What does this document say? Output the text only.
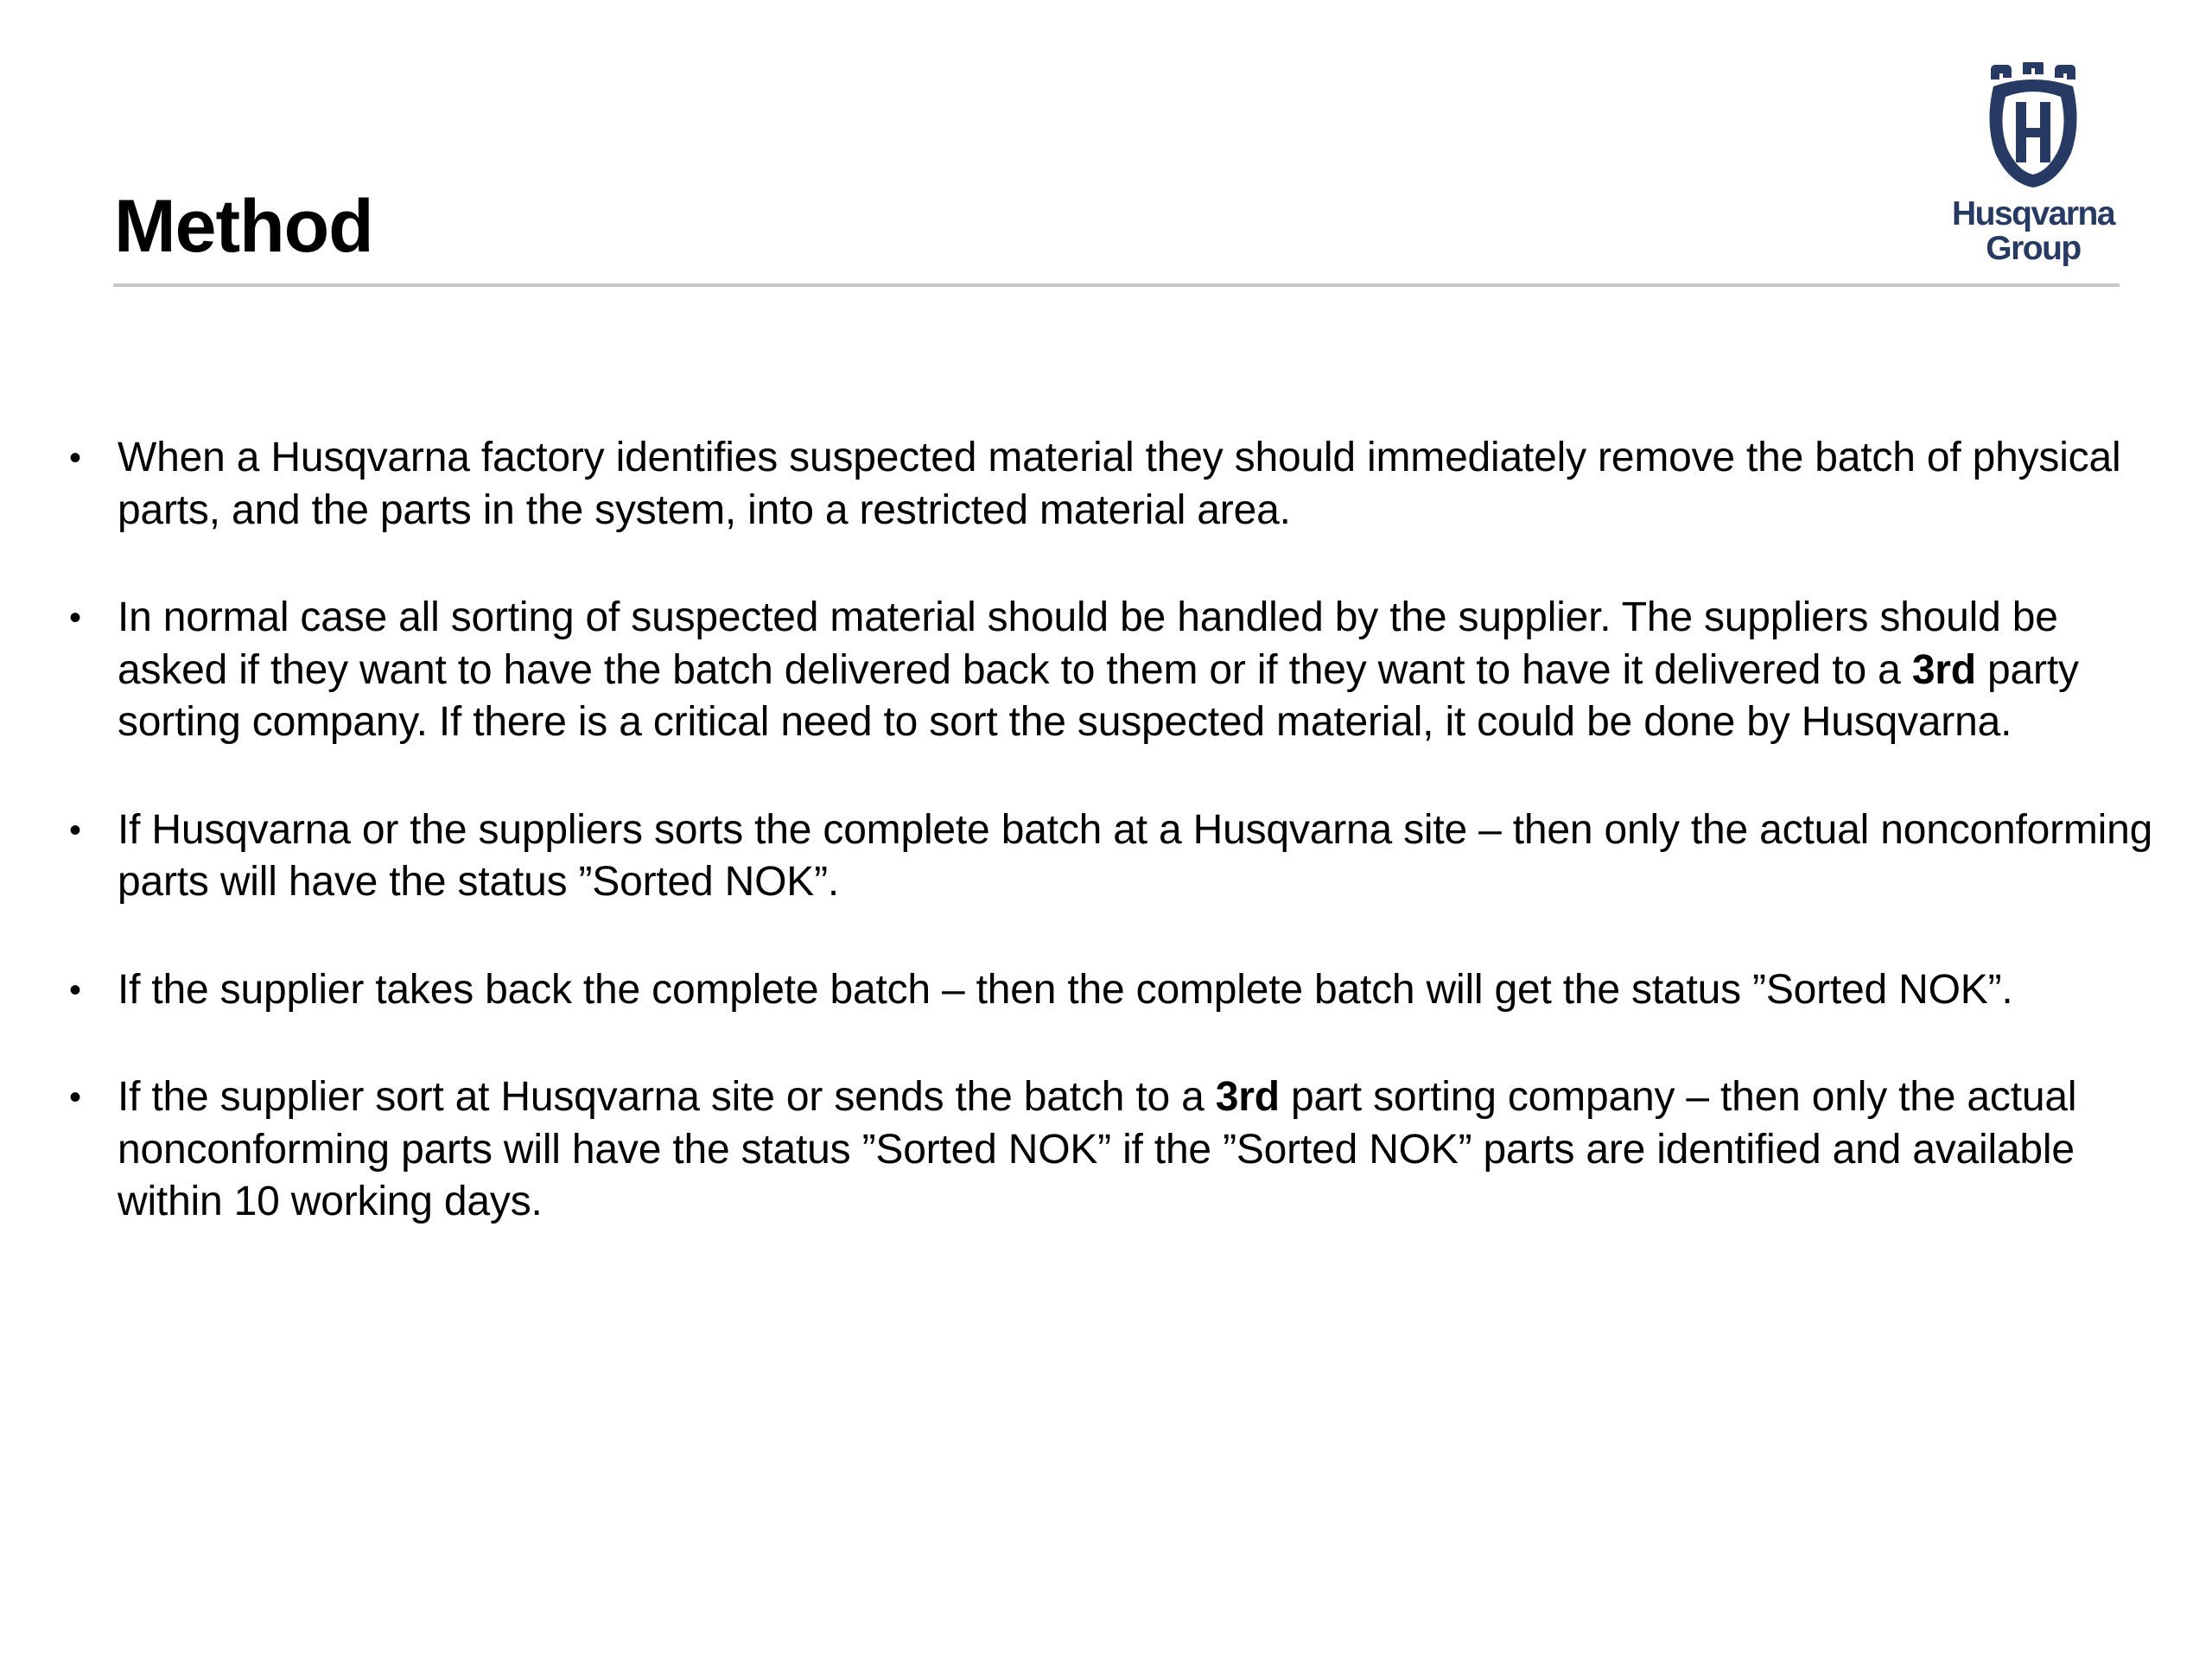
Method	Husqvarna
Group
• When a Husqvarna factory identifies suspected material they should immediately remove the batch of physical parts, and the parts in the system, into a restricted material area.
• In normal case all sorting of suspected material should be handled by the supplier. The suppliers should be asked if they want to have the batch delivered back to them or if they want to have it delivered to a 3rd party sorting company. If there is a critical need to sort the suspected material, it could be done by Husqvarna.
• If Husqvarna or the suppliers sorts the complete batch at a Husqvarna site – then only the actual nonconforming parts will have the status ”Sorted NOK”.
• If the supplier takes back the complete batch – then the complete batch will get the status ”Sorted NOK”.
• If the supplier sort at Husqvarna site or sends the batch to a 3rd part sorting company – then only the actual nonconforming parts will have the status ”Sorted NOK” if the ”Sorted NOK” parts are identified and available within 10 working days.
